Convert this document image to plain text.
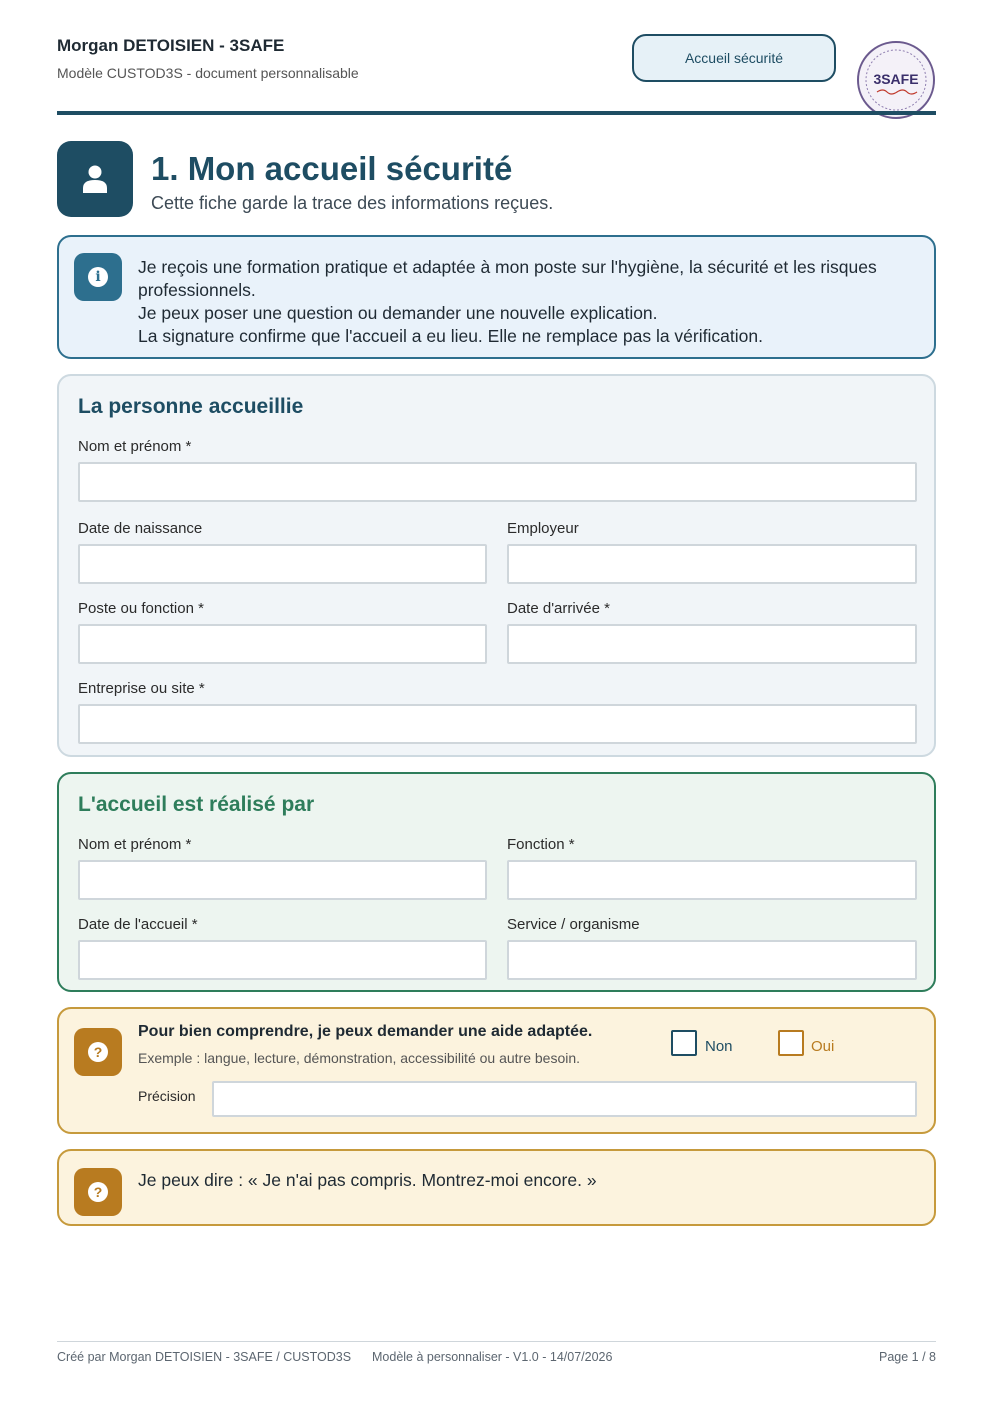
Morgan DETOISIEN - 3SAFE
Modèle CUSTOD3S - document personnalisable
Accueil sécurité
3SAFE
1. Mon accueil sécurité
Cette fiche garde la trace des informations reçues.
i	Je reçois une formation pratique et adaptée à mon poste sur l'hygiène, la sécurité et les risques professionnels.
Je peux poser une question ou demander une nouvelle explication.
La signature confirme que l'accueil a eu lieu. Elle ne remplace pas la vérification.
La personne accueillie
Nom et prénom *
Date de naissance	Employeur
Poste ou fonction *	Date d'arrivée *
Entreprise ou site *
L'accueil est réalisé par
Nom et prénom *	Fonction *
Date de l'accueil *	Service / organisme
?
Pour bien comprendre, je peux demander une aide adaptée.
Exemple : langue, lecture, démonstration, accessibilité ou autre besoin.
Non	Oui
Précision
?
Je peux dire : « Je n'ai pas compris. Montrez-moi encore. »
Créé par Morgan DETOISIEN - 3SAFE / CUSTOD3S Modèle à personnaliser - V1.0 - 14/07/2026	Page 1 / 8
